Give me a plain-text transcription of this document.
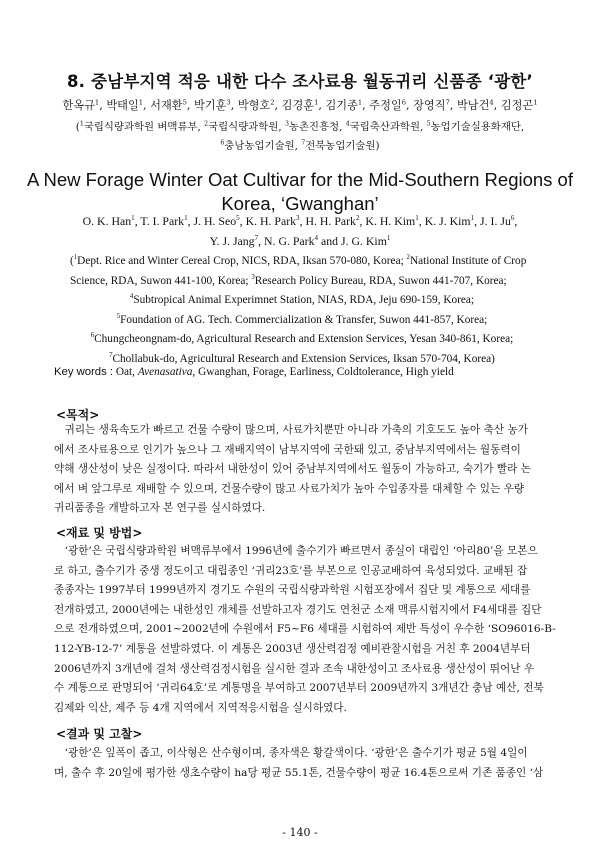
8. 중남부지역 적응 내한 다수 조사료용 월동귀리 신품종 ‘광한’
한옥규$^1$, 박태일$^1$, 서재환$^5$, 박기훈$^3$, 박형호$^2$, 김경훈$^1$, 김기종$^1$, 주정일$^6$, 장영직$^7$, 박남건$^4$, 김정곤$^1$
($^1$국립식량과학원 벼맥류부, $^2$국립식량과학원, $^3$농촌진흥청, $^4$국립축산과학원, $^5$농업기술실용화재단,
$^6$충남농업기술원, $^7$전북농업기술원)
A New Forage Winter Oat Cultivar for the Mid-Southern Regions of
Korea, ‘Gwanghan’
O. K. Han$^1$, T. I. Park$^1$, J. H. Seo$^5$, K. H. Park$^3$, H. H. Park$^2$, K. H. Kim$^1$, K. J. Kim$^1$, J. I. Ju$^6$,
Y. J. Jang$^7$, N. G. Park$^4$ and J. G. Kim$^1$
($^1$Dept. Rice and Winter Cereal Crop, NICS, RDA, Iksan 570-080, Korea; $^2$National Institute of Crop
Science, RDA, Suwon 441-100, Korea; $^3$Research Policy Bureau, RDA, Suwon 441-707, Korea;
$^4$Subtropical Animal Experimnet Station, NIAS, RDA, Jeju 690-159, Korea;
$^5$Foundation of AG. Tech. Commercialization & Transfer, Suwon 441-857, Korea;
$^6$Chungcheongnam-do, Agricultural Research and Extension Services, Yesan 340-861, Korea;
$^7$Chollabuk-do, Agricultural Research and Extension Services, Iksan 570-704, Korea)
Key words : Oat, Avenasativa, Gwanghan, Forage, Earliness, Coldtolerance, High yield
<목적>
　귀리는 생육속도가 빠르고 건물 수량이 많으며, 사료가치뿐만 아니라 가축의 기호도도 높아 축산 농가
에서 조사료용으로 인기가 높으나 그 재배지역이 남부지역에 국한돼 있고, 중남부지역에서는 월동력이
약해 생산성이 낮은 실정이다. 따라서 내한성이 있어 중남부지역에서도 월동이 가능하고, 숙기가 빨라 논
에서 벼 앞그루로 재배할 수 있으며, 건물수량이 많고 사료가치가 높아 수입종자를 대체할 수 있는 우량
귀리품종을 개발하고자 본 연구를 실시하였다.
<재료 및 방법>
　‘광한’은 국립식량과학원 벼맥류부에서 1996년에 출수기가 빠르면서 종실이 대립인 ‘아리80’을 모본으
로 하고, 출수기가 중생 정도이고 대립종인 ‘귀리23호’를 부본으로 인공교배하여 육성되었다. 교배된 잡
종종자는 1997부터 1999년까지 경기도 수원의 국립식량과학원 시험포장에서 집단 및 계통으로 세대를
전개하였고, 2000년에는 내한성인 개체를 선발하고자 경기도 연천군 소재 맥류시험지에서 F4세대를 집단
으로 전개하였으며, 2001~2002년에 수원에서 F5~F6 세대를 시험하여 제반 특성이 우수한 ‘SO96016-B-
112-YB-12-7’ 계통을 선발하였다. 이 계통은 2003년 생산력검정 예비관찰시험을 거친 후 2004년부터
2006년까지 3개년에 걸쳐 생산력검정시험을 실시한 결과 조속 내한성이고 조사료용 생산성이 뛰어난 우
수 계통으로 판명되어 ‘귀리64호’로 계통명을 부여하고 2007년부터 2009년까지 3개년간 충남 예산, 전북
김제와 익산, 제주 등 4개 지역에서 지역적응시험을 실시하였다.
<결과 및 고찰>
　‘광한’은 잎폭이 좁고, 이삭형은 산수형이며, 종자색은 황갈색이다. ‘광한’은 출수기가 평균 5월 4일이
며, 출수 후 20일에 평가한 생초수량이 ha당 평균 55.1톤, 건물수량이 평균 16.4톤으로써 기존 품종인 ‘삼
- 140 -
